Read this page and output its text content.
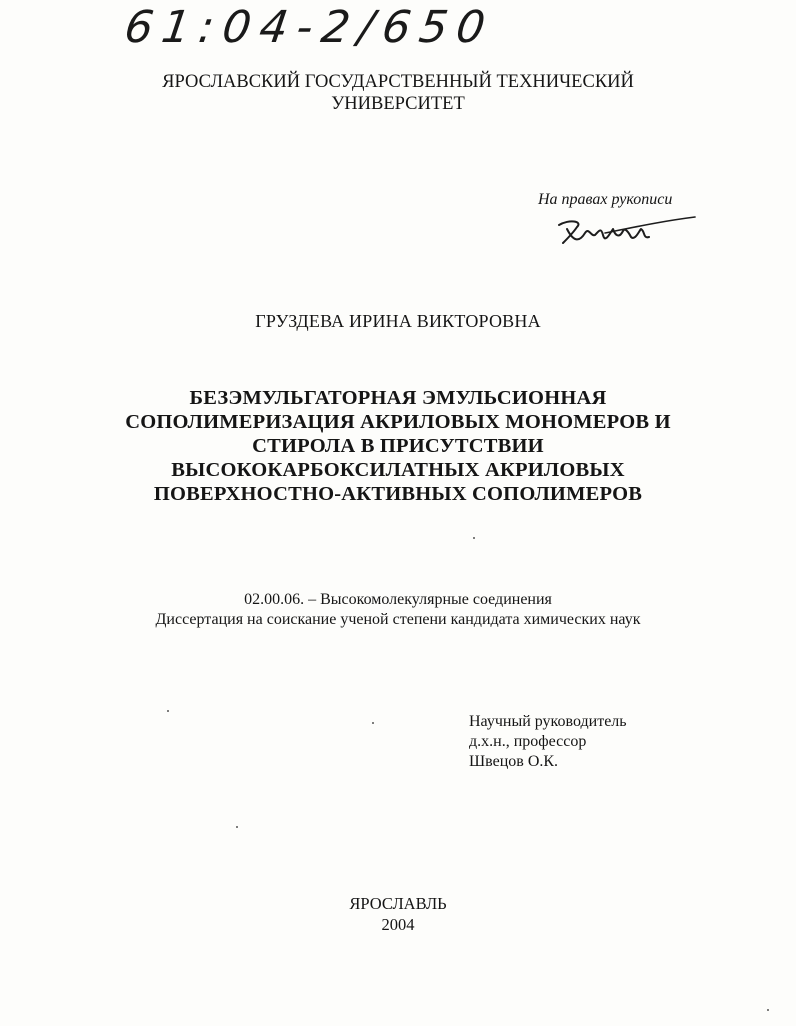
61:04-2/650
ЯРОСЛАВСКИЙ ГОСУДАРСТВЕННЫЙ ТЕХНИЧЕСКИЙ
УНИВЕРСИТЕТ
На правах рукописи
ГРУЗДЕВА ИРИНА ВИКТОРОВНА
БЕЗЭМУЛЬГАТОРНАЯ ЭМУЛЬСИОННАЯ
СОПОЛИМЕРИЗАЦИЯ АКРИЛОВЫХ МОНОМЕРОВ И
СТИРОЛА В ПРИСУТСТВИИ
ВЫСОКОКАРБОКСИЛАТНЫХ АКРИЛОВЫХ
ПОВЕРХНОСТНО-АКТИВНЫХ СОПОЛИМЕРОВ
02.00.06. – Высокомолекулярные соединения
Диссертация на соискание ученой степени кандидата химических наук
Научный руководитель
д.х.н., профессор
Швецов О.К.
ЯРОСЛАВЛЬ
2004
